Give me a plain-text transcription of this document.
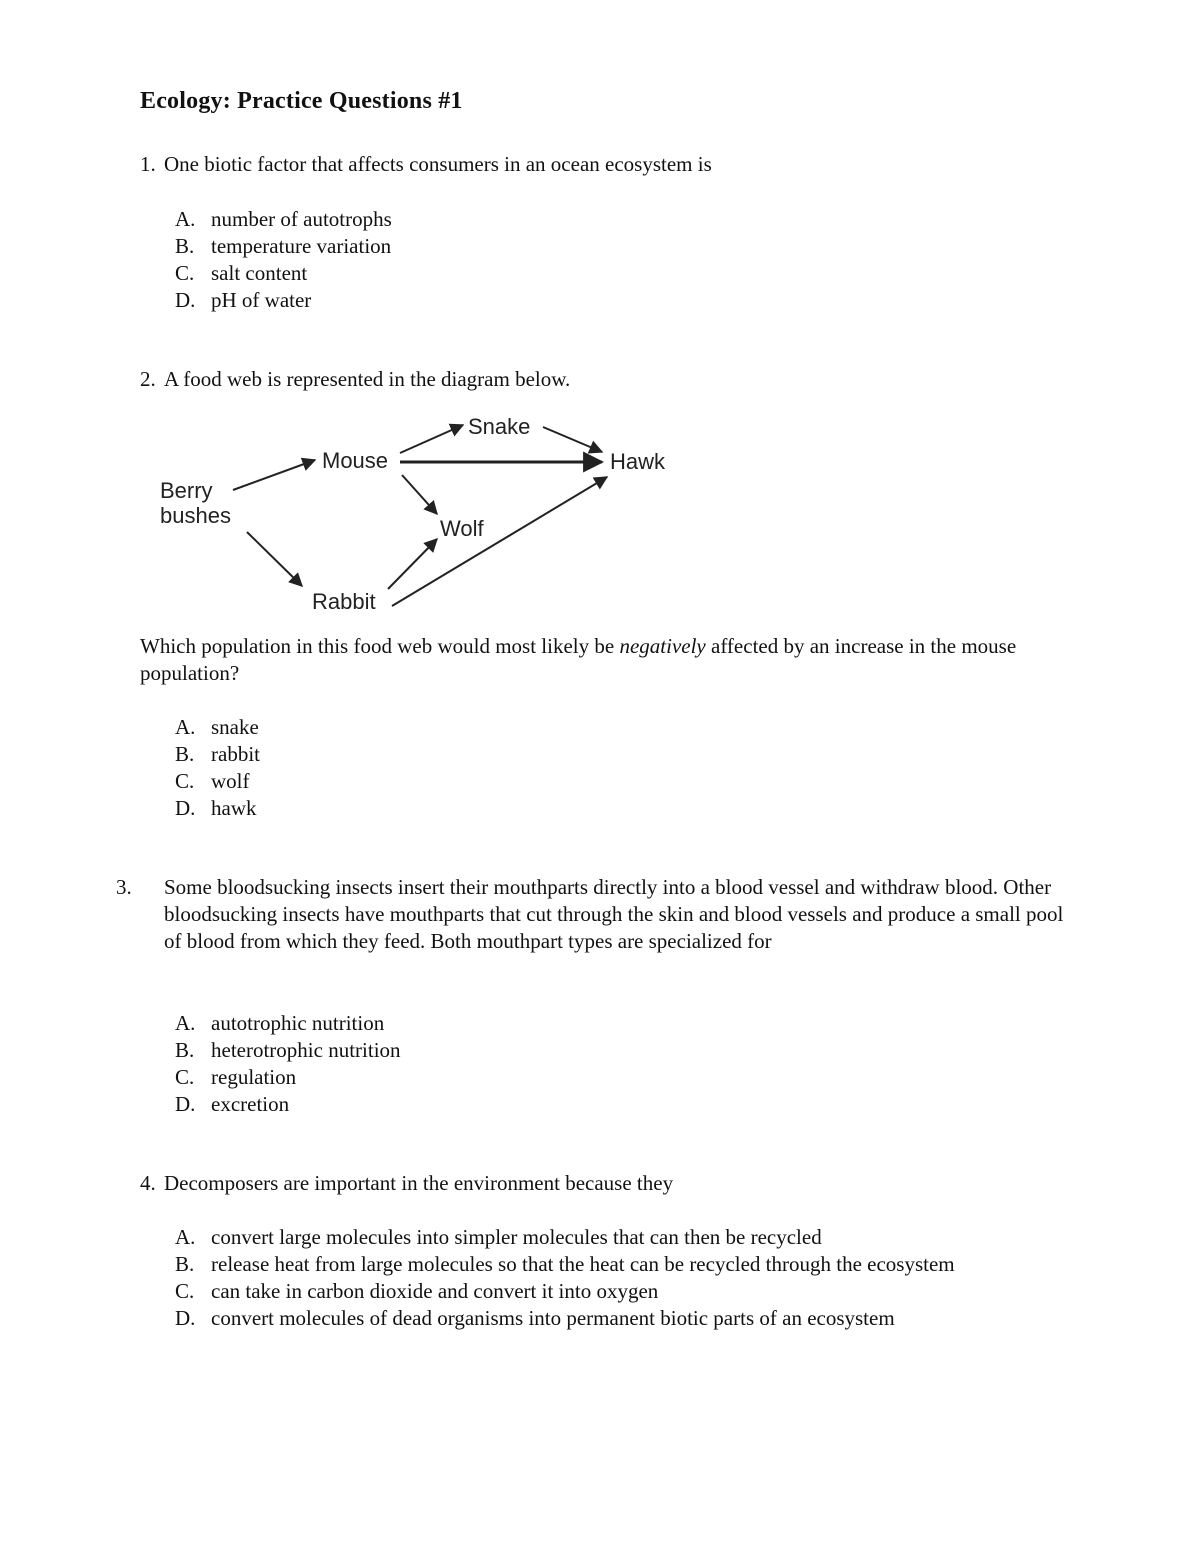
Ecology: Practice Questions #1
1. One biotic factor that affects consumers in an ocean ecosystem is
A. number of autotrophs
B. temperature variation
C. salt content
D. pH of water
2. A food web is represented in the diagram below.
Berry
bushes
Mouse
Snake
Hawk
Wolf
Rabbit
Which population in this food web would most likely be negatively affected by an increase in the mouse population?
A. snake
B. rabbit
C. wolf
D. hawk
3. Some bloodsucking insects insert their mouthparts directly into a blood vessel and withdraw blood. Other bloodsucking insects have mouthparts that cut through the skin and blood vessels and produce a small pool of blood from which they feed. Both mouthpart types are specialized for
A. autotrophic nutrition
B. heterotrophic nutrition
C. regulation
D. excretion
4. Decomposers are important in the environment because they
A. convert large molecules into simpler molecules that can then be recycled
B. release heat from large molecules so that the heat can be recycled through the ecosystem
C. can take in carbon dioxide and convert it into oxygen
D. convert molecules of dead organisms into permanent biotic parts of an ecosystem
